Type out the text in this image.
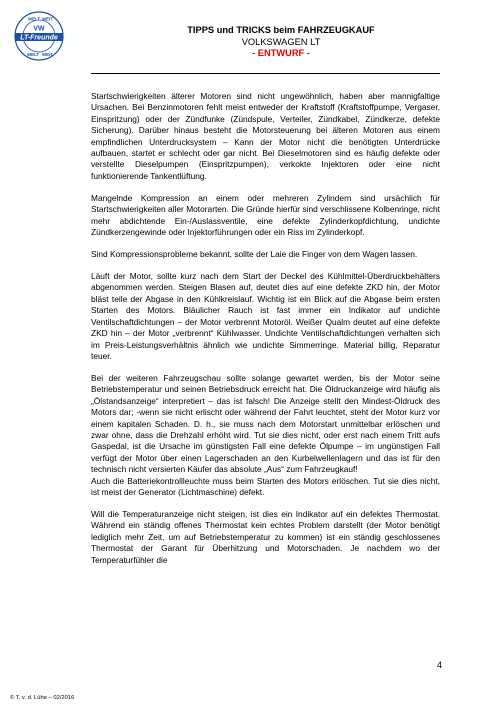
WELT WEIT
VW
LT-Freunde
WELT WEIT
TIPPS und TRICKS beim FAHRZEUGKAUF
VOLKSWAGEN LT
- ENTWURF -

Startschwierigkeiten älterer Motoren sind nicht ungewöhnlich, haben aber mannigfaltige Ursachen. Bei Benzinmotoren fehlt meist entweder der Kraftstoff (Kraftstoffpumpe, Vergaser, Einspritzung) oder der Zündfunke (Zündspule, Verteiler, Zündkabel, Zündkerze, defekte Sicherung). Darüber hinaus besteht die Motorsteuerung bei älteren Motoren aus einem empfindlichen Unterdrucksystem – Kann der Motor nicht die benötigten Unterdrücke aufbauen, startet er schlecht oder gar nicht. Bei Dieselmotoren sind es häufig defekte oder verstellte Dieselpumpen (Einspritzpumpen), verkokte Injektoren oder eine nicht funktionierende Tankentlüftung.

Mangelnde Kompression an einem oder mehreren Zylindern sind ursächlich für Startschwierigkeiten aller Motorarten. Die Gründe hierfür sind verschlissene Kolbenringe, nicht mehr abdichtende Ein-/Auslassventile, eine defekte Zylinderkopfdichtung, undichte Zündkerzengewinde oder Injektorführungen oder ein Riss im Zylinderkopf.

Sind Kompressionsprobleme bekannt, sollte der Laie die Finger von dem Wagen lassen.

Läuft der Motor, sollte kurz nach dem Start der Deckel des Kühlmittel-Überdruckbehälters abgenommen werden. Steigen Blasen auf, deutet dies auf eine defekte ZKD hin, der Motor bläst teile der Abgase in den Kühlkreislauf. Wichtig ist ein Blick auf die Abgase beim ersten Starten des Motors. Bläulicher Rauch ist fast immer ein Indikator auf undichte Ventilschaftdichtungen – der Motor verbrennt Motoröl. Weißer Qualm deutet auf eine defekte ZKD hin – der Motor „verbrennt“ Kühlwasser. Undichte Ventilschaftdichtungen verhalten sich im Preis-Leistungsverhältnis ähnlich wie undichte Simmerringe. Material billig, Reparatur teuer.

Bei der weiteren Fahrzeugschau sollte solange gewartet werden, bis der Motor seine Betriebstemperatur und seinen Betriebsdruck erreicht hat. Die Öldruckanzeige wird häufig als „Ölstandsanzeige“ interpretiert – das ist falsch! Die Anzeige stellt den Mindest-Öldruck des Motors dar; -wenn sie nicht erlischt oder während der Fahrt leuchtet, steht der Motor kurz vor einem kapitalen Schaden. D. h., sie muss nach dem Motorstart unmittelbar erlöschen und zwar ohne, dass die Drehzahl erhöht wird. Tut sie dies nicht, oder erst nach einem Tritt aufs Gaspedal, ist die Ursache im günstigsten Fall eine defekte Ölpumpe – im ungünstigen Fall verfügt der Motor über einen Lagerschaden an den Kurbelwellenlagern und das ist für den technisch nicht versierten Käufer das absolute „Aus“ zum Fahrzeugkauf!
Auch die Batteriekontrollleuchte muss beim Starten des Motors erlöschen. Tut sie dies nicht, ist meist der Generator (Lichtmaschine) defekt.

Will die Temperaturanzeige nicht steigen, ist dies ein Indikator auf ein defektes Thermostat. Während ein ständig offenes Thermostat kein echtes Problem darstellt (der Motor benötigt lediglich mehr Zeit, um auf Betriebstemperatur zu kommen) ist ein ständig geschlossenes Thermostat der Garant für Überhitzung und Motorschaden. Je nachdem wo der Temperaturfühler die

4
© T. v. d. Lühe – 02/2016
